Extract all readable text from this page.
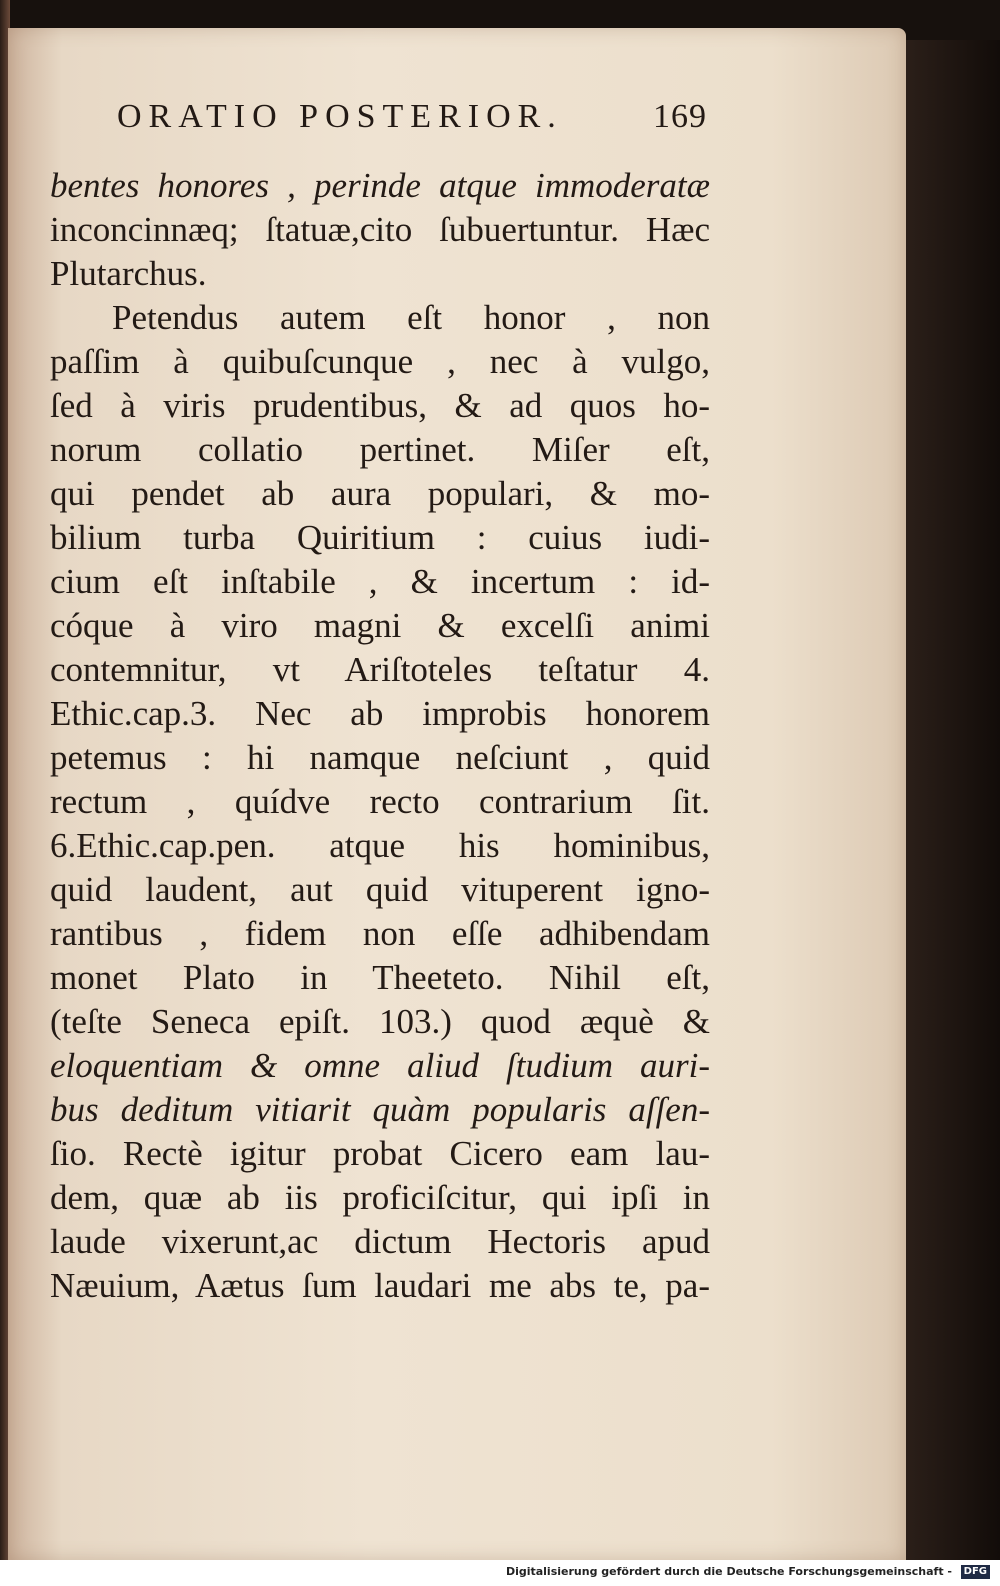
ORATIO POSTERIOR.	169
bentes honores , perinde atque immoderatæ
inconcinnæq; ſtatuæ,cito ſubuertuntur. Hæc
Plutarchus.
Petendus autem eſt honor , non
paſſim à quibuſcunque , nec à vulgo,
ſed à viris prudentibus, & ad quos ho-
norum collatio pertinet. Miſer eſt,
qui pendet ab aura populari, & mo-
bilium turba Quiritium : cuius iudi-
cium eſt inſtabile , & incertum : id-
cóque à viro magni & excelſi animi
contemnitur, vt Ariſtoteles teſtatur 4.
Ethic.cap.3. Nec ab improbis honorem
petemus : hi namque neſciunt , quid
rectum , quídve recto contrarium ſit.
6.Ethic.cap.pen. atque his hominibus,
quid laudent, aut quid vituperent igno-
rantibus , fidem non eſſe adhibendam
monet Plato in Theeteto. Nihil eſt,
(teſte Seneca epiſt. 103.) quod æquè &
eloquentiam & omne aliud ſtudium auri-
bus deditum vitiarit quàm popularis aſſen-
ſio. Rectè igitur probat Cicero eam lau-
dem, quæ ab iis proficiſcitur, qui ipſi in
laude vixerunt,ac dictum Hectoris apud
Næuium, Aætus ſum laudari me abs te, pa-
Digitalisierung gefördert durch die Deutsche Forschungsgemeinschaft -	DFG
